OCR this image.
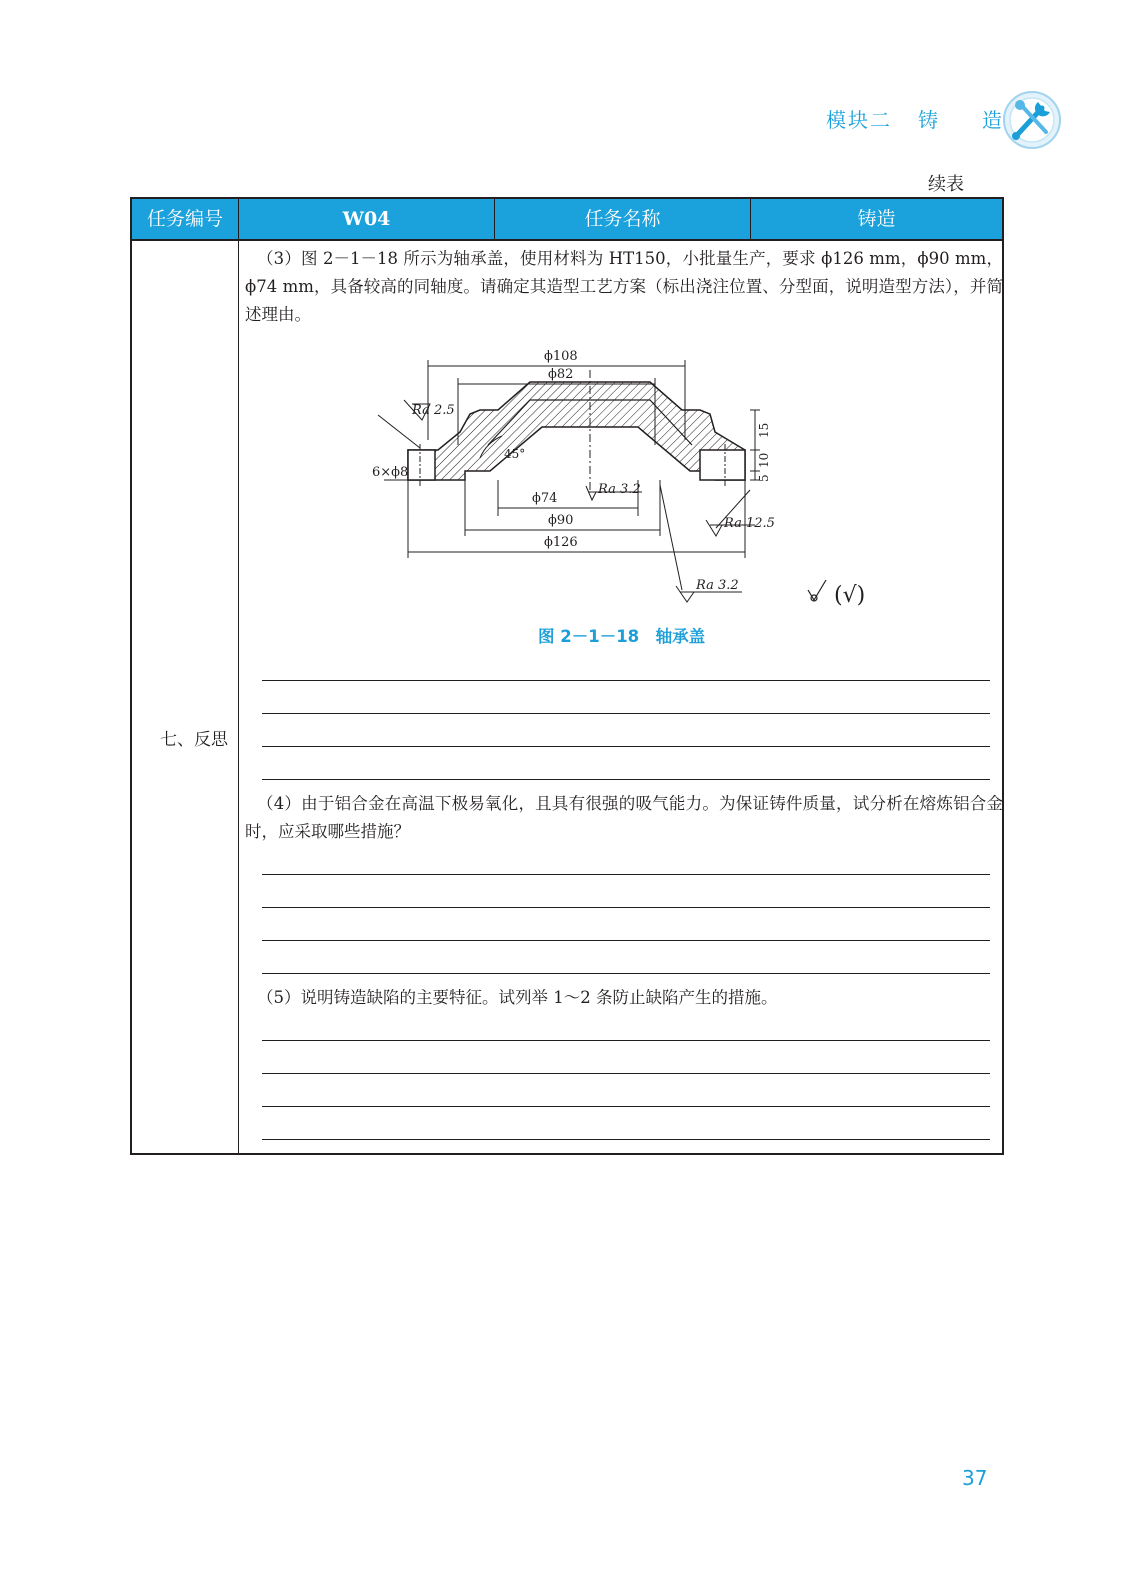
模块二 铸 造
续表
任务编号	W04	任务名称	铸造
七、反思
（3）图 2－1－18 所示为轴承盖，使用材料为 HT150，小批量生产，要求 ϕ126 mm，ϕ90 mm，ϕ74 mm，具备较高的同轴度。请确定其造型工艺方案（标出浇注位置、分型面，说明造型方法），并简述理由。
ϕ108
ϕ82
ϕ74
ϕ90
ϕ126
6×ϕ8
45°
15
10
5
Ra 2.5
Ra 3.2
Ra 12.5
Ra 3.2	(√)
图 2－1－18　轴承盖
（4）由于铝合金在高温下极易氧化，且具有很强的吸气能力。为保证铸件质量，试分析在熔炼铝合金时，应采取哪些措施？
（5）说明铸造缺陷的主要特征。试列举 1～2 条防止缺陷产生的措施。
37
